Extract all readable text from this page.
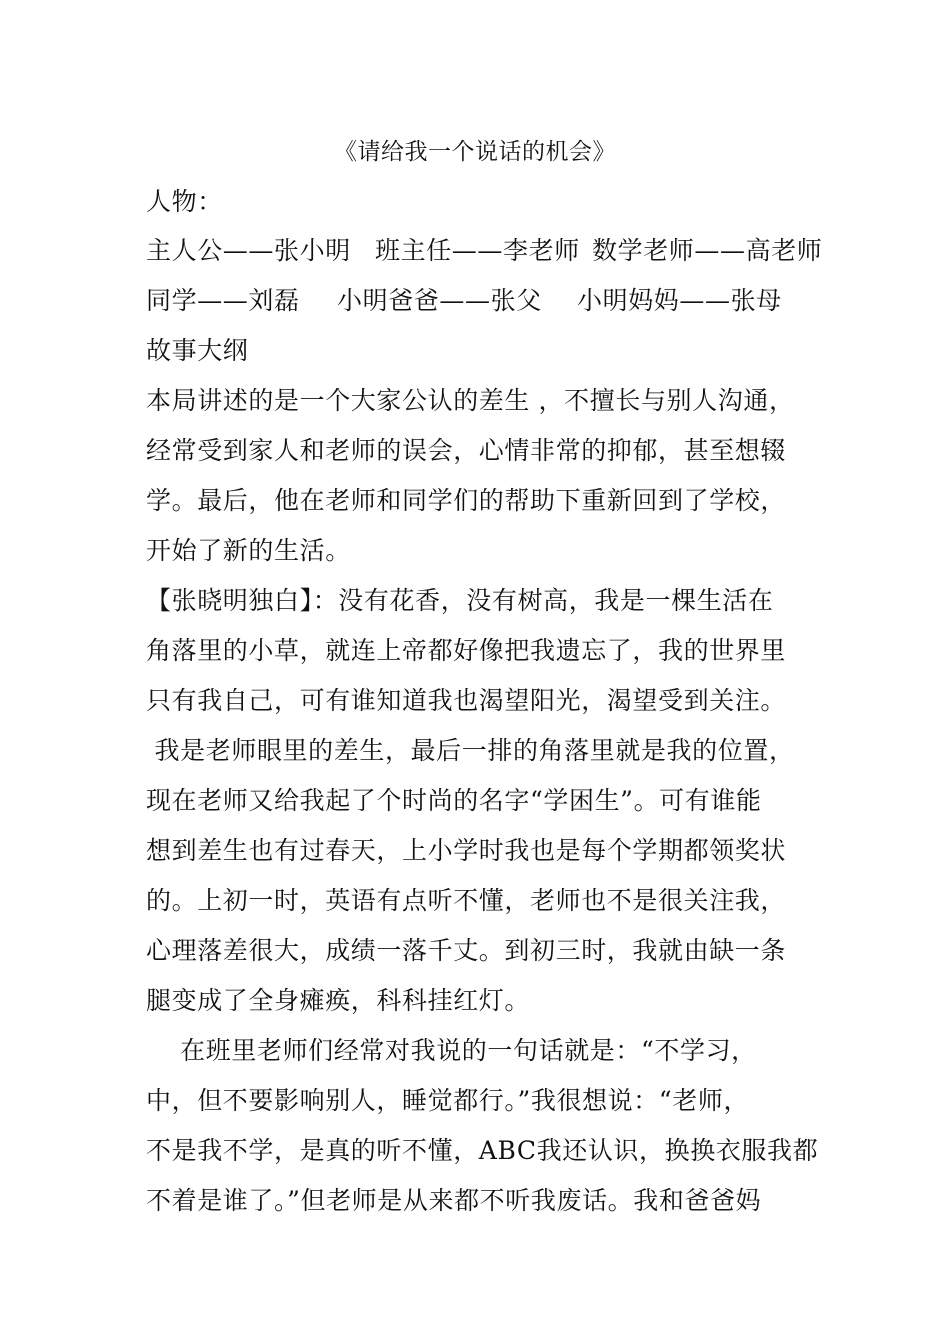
《请给我一个说话的机会》
人物：
主人公——张小明 班主任——李老师 数学老师——高老师
同学——刘磊 小明爸爸——张父 小明妈妈——张母
故事大纲
本局讲述的是一个大家公认的差生 ，不擅长与别人沟通，
经常受到家人和老师的误会，心情非常的抑郁，甚至想辍
学。最后，他在老师和同学们的帮助下重新回到了学校，
开始了新的生活。
【张晓明独白】：没有花香，没有树高，我是一棵生活在
角落里的小草，就连上帝都好像把我遗忘了，我的世界里
只有我自己，可有谁知道我也渴望阳光，渴望受到关注。
我是老师眼里的差生，最后一排的角落里就是我的位置，
现在老师又给我起了个时尚的名字“学困生”。可有谁能
想到差生也有过春天，上小学时我也是每个学期都领奖状
的。上初一时，英语有点听不懂，老师也不是很关注我，
心理落差很大，成绩一落千丈。到初三时，我就由缺一条
腿变成了全身瘫痪，科科挂红灯。
在班里老师们经常对我说的一句话就是：“不学习，
中，但不要影响别人，睡觉都行。”我很想说：“老师，
不是我不学，是真的听不懂，ABC我还认识，换换衣服我都
不着是谁了。”但老师是从来都不听我废话。我和爸爸妈
